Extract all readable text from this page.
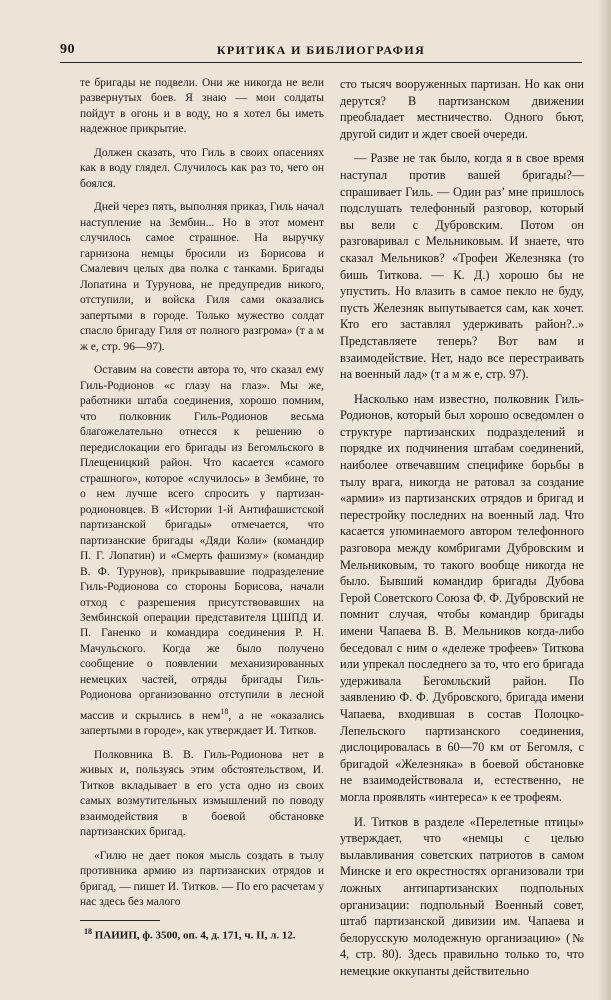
90	КРИТИКА И БИБЛИОГРАФИЯ

те бригады не подвели. Они же никогда не вели развернутых боев. Я знаю — мои солдаты пойдут в огонь и в воду, но я хотел бы иметь надежное прикрытие.

Должен сказать, что Гиль в своих опасениях как в воду глядел. Случилось как раз то, чего он боялся.

Дней через пять, выполняя приказ, Гиль начал наступление на Зембин... Но в этот момент случилось самое страшное. На выручку гарнизона немцы бросили из Борисова и Смалевич целых два полка с танками. Бригады Лопатина и Турунова, не предупредив никого, отступили, и войска Гиля сами оказались запертыми в городе. Только мужество солдат спасло бригаду Гиля от полного разгрома» (т а м ж е, стр. 96—97).

Оставим на совести автора то, что сказал ему Гиль-Родионов «с глазу на глаз». Мы же, работники штаба соединения, хорошо помним, что полковник Гиль-Родионов весьма благожелательно отнесся к решению о передислокации его бригады из Бегомльского в Плещеницкий район. Что касается «самого страшного», которое «случилось» в Зембине, то о нем лучше всего спросить у партизан-родионовцев. В «Истории 1-й Антифашистской партизанской бригады» отмечается, что партизанские бригады «Дяди Коли» (командир П. Г. Лопатин) и «Смерть фашизму» (командир В. Ф. Турунов), прикрывавшие подразделение Гиль-Родионова со стороны Борисова, начали отход с разрешения присутствовавших на Зембинской операции представителя ЦШПД И. П. Ганенко и командира соединения Р. Н. Мачульского. Когда же было получено сообщение о появлении механизированных немецких частей, отряды бригады Гиль-Родионова организованно отступили в лесной массив и скрылись в нем$^{18}$, а не «оказались запертыми в городе», как утверждает И. Титков.

Полковника В. В. Гиль-Родионова нет в живых и, пользуясь этим обстоятельством, И. Титков вкладывает в его уста одно из своих самых возмутительных измышлений по поводу взаимодействия в боевой обстановке партизанских бригад.

«Гилю не дает покоя мысль создать в тылу противника армию из партизанских отрядов и бригад, — пишет И. Титков. — По его расчетам у нас здесь без малого

сто тысяч вооруженных партизан. Но как они дерутся? В партизанском движении преобладает местничество. Одного бьют, другой сидит и ждет своей очереди.

— Разве не так было, когда я в свое время наступал против вашей бригады?— спрашивает Гиль. — Один раз’ мне пришлось подслушать телефонный разговор, который вы вели с Дубровским. Потом он разговаривал с Мельниковым. И знаете, что сказал Мельников? «Трофеи Железняка (то бишь Титкова. — К. Д.) хорошо бы не упустить. Но влазить в самое пекло не буду, пусть Железняк выпутывается сам, как хочет. Кто его заставлял удерживать район?..» Представляете теперь? Вот вам и взаимодействие. Нет, надо все перестраивать на военный лад» (т а м ж е, стр. 97).

Насколько нам известно, полковник Гиль-Родионов, который был хорошо осведомлен о структуре партизанских подразделений и порядке их подчинения штабам соединений, наиболее отвечавшим специфике борьбы в тылу врага, никогда не ратовал за создание «армии» из партизанских отрядов и бригад и перестройку последних на военный лад. Что касается упоминаемого автором телефонного разговора между комбригами Дубровским и Мельниковым, то такого вообще никогда не было. Бывший командир бригады Дубова Герой Советского Союза Ф. Ф. Дубровский не помнит случая, чтобы командир бригады имени Чапаева В. В. Мельников когда-либо беседовал с ним о «дележе трофеев» Титкова или упрекал последнего за то, что его бригада удерживала Бегомльский район. По заявлению Ф. Ф. Дубровского, бригада имени Чапаева, входившая в состав Полоцко-Лепельского партизанского соединения, дислоцировалась в 60—70 км от Бегомля, с бригадой «Железняка» в боевой обстановке не взаимодействовала и, естественно, не могла проявлять «интереса» к ее трофеям.

И. Титков в разделе «Перелетные птицы» утверждает, что «немцы с целью вылавливания советских патриотов в самом Минске и его окрестностях организовали три ложных антипартизанских подпольных организации: подпольный Военный совет, штаб партизанской дивизии им. Чапаева и белорусскую молодежную организацию» (№ 4, стр. 80). Здесь правильно только то, что немецкие оккупанты действительно

$^{18}$ ПАИИП, ф. 3500, оп. 4, д. 171, ч. II, л. 12.
